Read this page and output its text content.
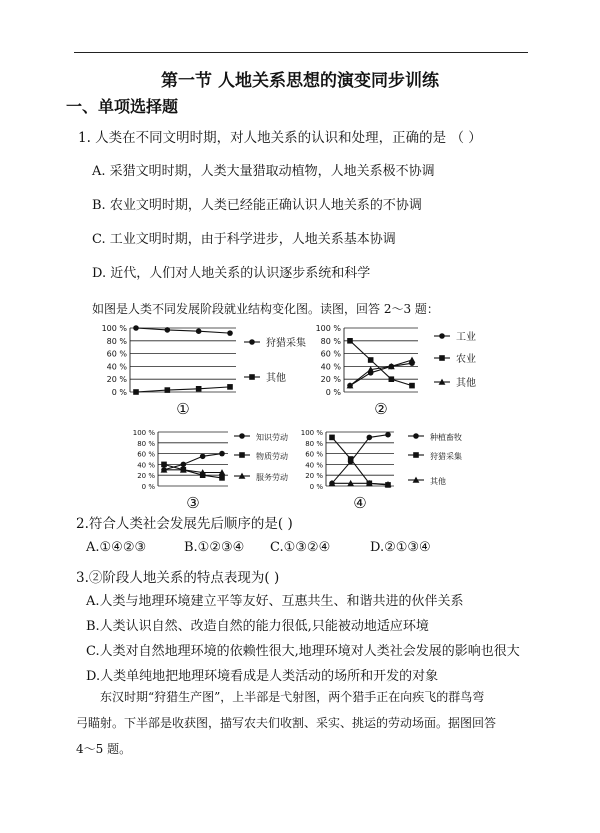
第一节 人地关系思想的演变同步训练
一、单项选择题
1. 人类在不同文明时期，对人地关系的认识和处理，正确的是 （ ）
A. 采猎文明时期，人类大量猎取动植物，人地关系极不协调
B. 农业文明时期，人类已经能正确认识人地关系的不协调
C. 工业文明时期，由于科学进步，人地关系基本协调
D. 近代，人们对人地关系的认识逐步系统和科学
如图是人类不同发展阶段就业结构变化图。读图，回答 2～3 题：
100 %
80 %
60 %
40 %
20 %
0 %
狩猎采集
其他
①
100 %
80 %
60 %
40 %
20 %
0 %
工业
农业
其他
②
100 %
80 %
60 %
40 %
20 %
0 %
知识劳动
物质劳动
服务劳动
③
100 %
80 %
60 %
40 %
20 %
0 %
种植畜牧
狩猎采集
其他
④
2.符合人类社会发展先后顺序的是( )
A.①④②③	B.①②③④ C.①③②④	D.②①③④
3.②阶段人地关系的特点表现为( )
A.人类与地理环境建立平等友好、互惠共生、和谐共进的伙伴关系
B.人类认识自然、改造自然的能力很低,只能被动地适应环境
C.人类对自然地理环境的依赖性很大,地理环境对人类社会发展的影响也很大
D.人类单纯地把地理环境看成是人类活动的场所和开发的对象
东汉时期“狩猎生产图”，上半部是弋射图，两个猎手正在向疾飞的群鸟弯
弓瞄射。下半部是收获图，描写农夫们收割、采实、挑运的劳动场面。据图回答
4～5 题。
